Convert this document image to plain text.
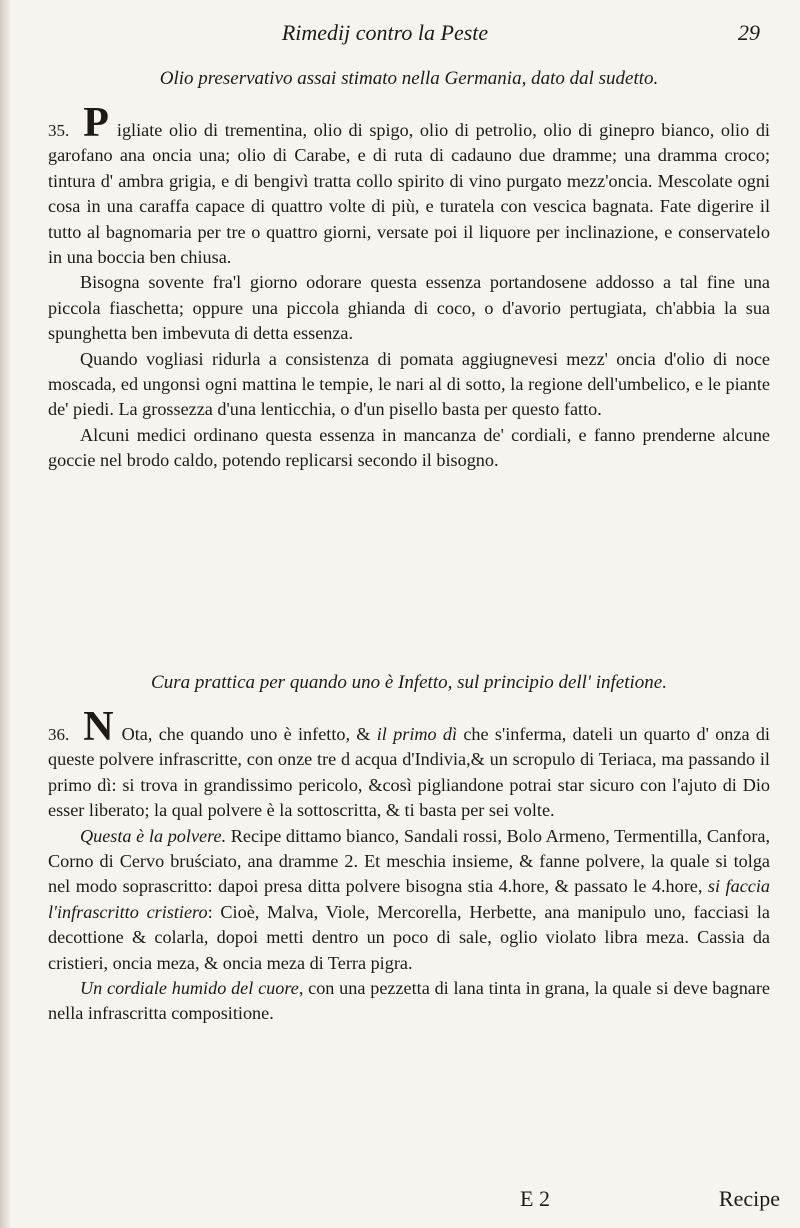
Rimedij contro la Peste	29
Olio preservativo assai stimato nella Germania, dato dal sudetto.

35. P igliate olio di trementina, olio di spigo, olio di petrolio, olio di ginepro bianco, olio di garofano ana oncia una; olio di Carabe, e di ruta di cadauno due dramme; una dramma croco; tintura d' ambra grigia, e di bengivì tratta collo spirito di vino purgato mezz'oncia. Mescolate ogni cosa in una caraffa capace di quattro volte di più, e turatela con vescica bagnata. Fate digerire il tutto al bagnomaria per tre o quattro giorni, versate poi il liquore per inclinazione, e conservatelo in una boccia ben chiusa.

Bisogna sovente fra'l giorno odorare questa essenza portandosene addosso a tal fine una piccola fiaschetta; oppure una piccola ghianda di coco, o d'avorio pertugiata, ch'abbia la sua spunghetta ben imbevuta di detta essenza.

Quando vogliasi ridurla a consistenza di pomata aggiugnevesi mezz' oncia d'olio di noce moscada, ed ungonsi ogni mattina le tempie, le nari al di sotto, la regione dell'umbelico, e le piante de' piedi. La grossezza d'una lenticchia, o d'un pisello basta per questo fatto.

Alcuni medici ordinano questa essenza in mancanza de' cordiali, e fanno prenderne alcune goccie nel brodo caldo, potendo replicarsi secondo il bisogno.

Cura prattica per quando uno è Infetto, sul principio dell' infetione.

36. N Ota, che quando uno è infetto, & il primo dì che s'inferma, dateli un quarto d' onza di queste polvere infrascritte, con onze tre d acqua d'Indivia,& un scropulo di Teriaca, ma passando il primo dì: si trova in grandissimo pericolo, &così pigliandone potrai star sicuro con l'ajuto di Dio esser liberato; la qual polvere è la sottoscritta, & ti basta per sei volte.

Questa è la polvere. Recipe dittamo bianco, Sandali rossi, Bolo Armeno, Termentilla, Canfora, Corno di Cervo bruściato, ana dramme 2. Et meschia insieme, & fanne polvere, la quale si tolga nel modo soprascritto: dapoi presa ditta polvere bisogna stia 4.hore, & passato le 4.hore, si faccia l'infrascritto cristiero: Cioè, Malva, Viole, Mercorella, Herbette, ana manipulo uno, facciasi la decottione & colarla, dopoi metti dentro un poco di sale, oglio violato libra meza. Cassia da cristieri, oncia meza, & oncia meza di Terra pigra.

Un cordiale humido del cuore, con una pezzetta di lana tinta in grana, la quale si deve bagnare nella infrascritta compositione.

E 2	Recipe
